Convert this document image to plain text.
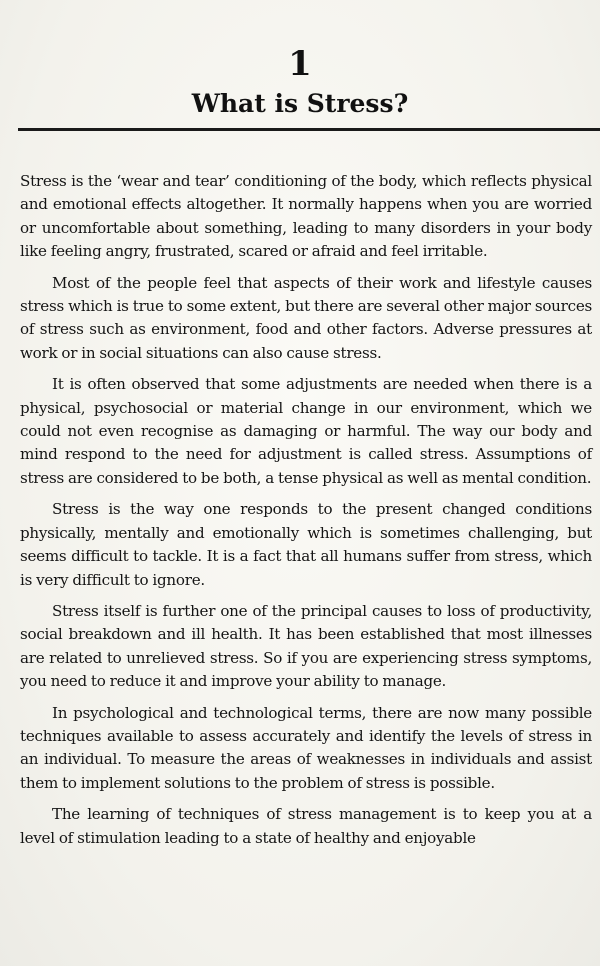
1
What is Stress?

Stress is the ‘wear and tear’ conditioning of the body, which reflects physical and emotional effects altogether. It normally happens when you are worried or uncomfortable about something, leading to many disorders in your body like feeling angry, frustrated, scared or afraid and feel irritable.

Most of the people feel that aspects of their work and lifestyle causes stress which is true to some extent, but there are several other major sources of stress such as environment, food and other factors. Adverse pressures at work or in social situations can also cause stress.

It is often observed that some adjustments are needed when there is a physical, psychosocial or material change in our environment, which we could not even recognise as damaging or harmful. The way our body and mind respond to the need for adjustment is called stress. Assumptions of stress are considered to be both, a tense physical as well as mental condition.

Stress is the way one responds to the present changed conditions physically, mentally and emotionally which is sometimes challenging, but seems difficult to tackle. It is a fact that all humans suffer from stress, which is very difficult to ignore.

Stress itself is further one of the principal causes to loss of productivity, social breakdown and ill health. It has been established that most illnesses are related to unrelieved stress. So if you are experiencing stress symptoms, you need to reduce it and improve your ability to manage.

In psychological and technological terms, there are now many possible techniques available to assess accurately and identify the levels of stress in an individual. To measure the areas of weaknesses in individuals and assist them to implement solutions to the problem of stress is possible.

The learning of techniques of stress management is to keep you at a level of stimulation leading to a state of healthy and enjoyable
